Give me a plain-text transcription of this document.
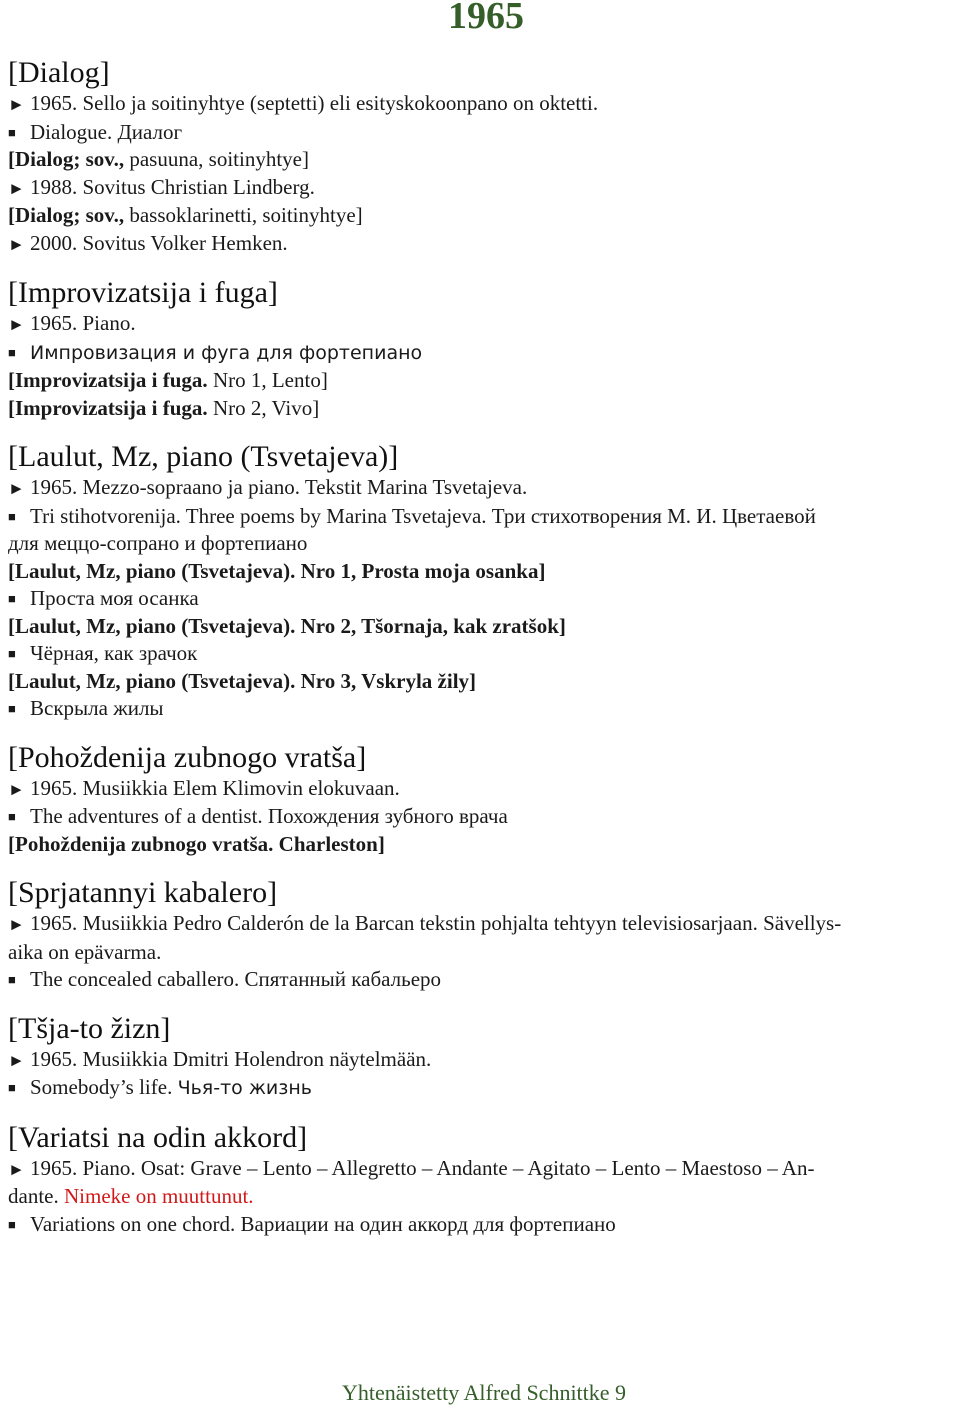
1965
[Dialog]

► 1965. Sello ja soitinyhtye (septetti) eli esityskokoonpano on oktetti.

■ Dialogue. Диалог

[Dialog; sov., pasuuna, soitinyhtye]

► 1988. Sovitus Christian Lindberg.

[Dialog; sov., bassoklarinetti, soitinyhtye]

► 2000. Sovitus Volker Hemken.

[Improvizatsija i fuga]

► 1965. Piano.

■ Импровизация и фуга для фортепиано

[Improvizatsija i fuga. Nro 1, Lento]

[Improvizatsija i fuga. Nro 2, Vivo]

[Laulut, Mz, piano (Tsvetajeva)]

► 1965. Mezzo-sopraano ja piano. Tekstit Marina Tsvetajeva.

■ Tri stihotvorenija. Three poems by Marina Tsvetajeva. Три стихотворения М. И. Цветаевой

для меццо-сопрано и фортепиано

[Laulut, Mz, piano (Tsvetajeva). Nro 1, Prosta moja osanka]

■ Проста моя осанка

[Laulut, Mz, piano (Tsvetajeva). Nro 2, Tšornaja, kak zratšok]

■ Чёрная, как зрачок

[Laulut, Mz, piano (Tsvetajeva). Nro 3, Vskryla žily]

■ Вскрыла жилы

[Pohoždenija zubnogo vratša]

► 1965. Musiikkia Elem Klimovin elokuvaan.

■ The adventures of a dentist. Похождения зубного врача

[Pohoždenija zubnogo vratša. Charleston]

[Sprjatannyi kabalero]

► 1965. Musiikkia Pedro Calderón de la Barcan tekstin pohjalta tehtyyn televisiosarjaan. Sävellys-

aika on epävarma.

■ The concealed caballero. Спятанный кабальеро

[Tšja-to žizn]

► 1965. Musiikkia Dmitri Holendron näytelmään.

■ Somebody’s life. Чья-то жизнь

[Variatsi na odin akkord]

► 1965. Piano. Osat: Grave – Lento – Allegretto – Andante – Agitato – Lento – Maestoso – An-

dante. Nimeke on muuttunut.

■ Variations on one chord. Вариации на один аккорд для фортепиано

Yhtenäistetty Alfred Schnittke 9
